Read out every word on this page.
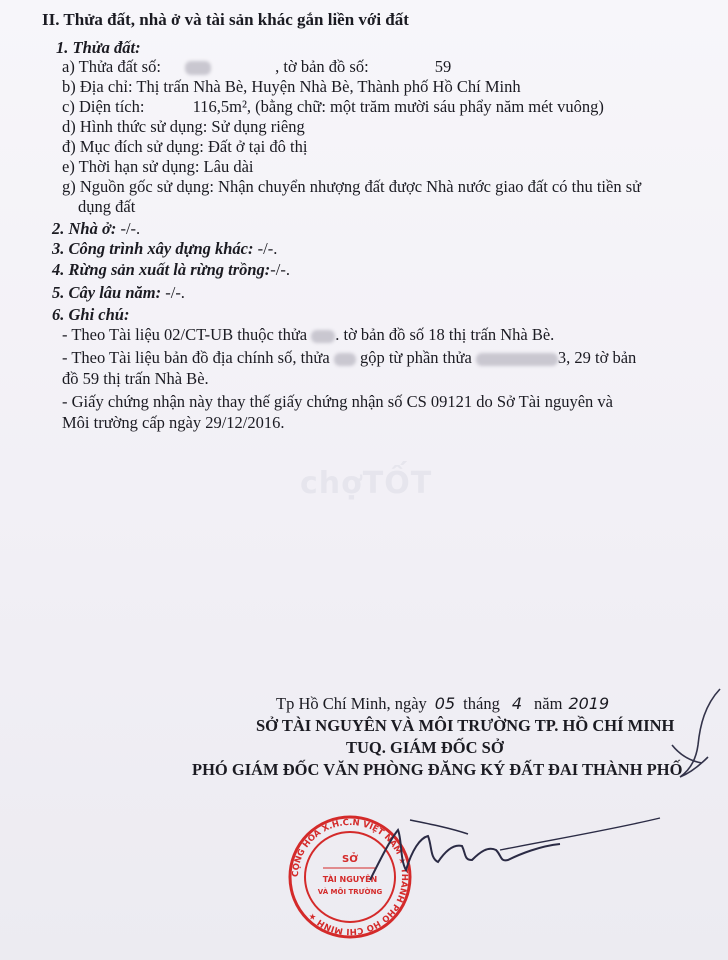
II. Thửa đất, nhà ở và tài sản khác gắn liền với đất
1. Thửa đất:
a) Thửa đất số:	, tờ bản đồ số:	59
b) Địa chỉ: Thị trấn Nhà Bè, Huyện Nhà Bè, Thành phố Hồ Chí Minh
c) Diện tích:	116,5m², (bằng chữ: một trăm mười sáu phẩy năm mét vuông)
d) Hình thức sử dụng: Sử dụng riêng
đ) Mục đích sử dụng: Đất ở tại đô thị
e) Thời hạn sử dụng: Lâu dài
g) Nguồn gốc sử dụng: Nhận chuyển nhượng đất được Nhà nước giao đất có thu tiền sử
dụng đất
2. Nhà ở: -/-.
3. Công trình xây dựng khác: -/-.
4. Rừng sản xuất là rừng trồng:-/-.
5. Cây lâu năm: -/-.
6. Ghi chú:
- Theo Tài liệu 02/CT-UB thuộc thửa . tờ bản đồ số 18 thị trấn Nhà Bè.
- Theo Tài liệu bản đồ địa chính số, thửa gộp từ phần thửa	3, 29 tờ bản
đồ 59 thị trấn Nhà Bè.
- Giấy chứng nhận này thay thế giấy chứng nhận số CS 09121 do Sở Tài nguyên và
Môi trường cấp ngày 29/12/2016.
chợTỐT
Tp Hồ Chí Minh, ngày 05 tháng 4 năm 2019
SỞ TÀI NGUYÊN VÀ MÔI TRƯỜNG TP. HỒ CHÍ MINH
TUQ. GIÁM ĐỐC SỞ
PHÓ GIÁM ĐỐC VĂN PHÒNG ĐĂNG KÝ ĐẤT ĐAI THÀNH PHỐ
CỘNG HÒA X.H.C.N VIỆT NAM ★ THÀNH PHỐ HỒ CHÍ MINH ★
SỞ
TÀI NGUYÊN
VÀ MÔI TRƯỜNG
